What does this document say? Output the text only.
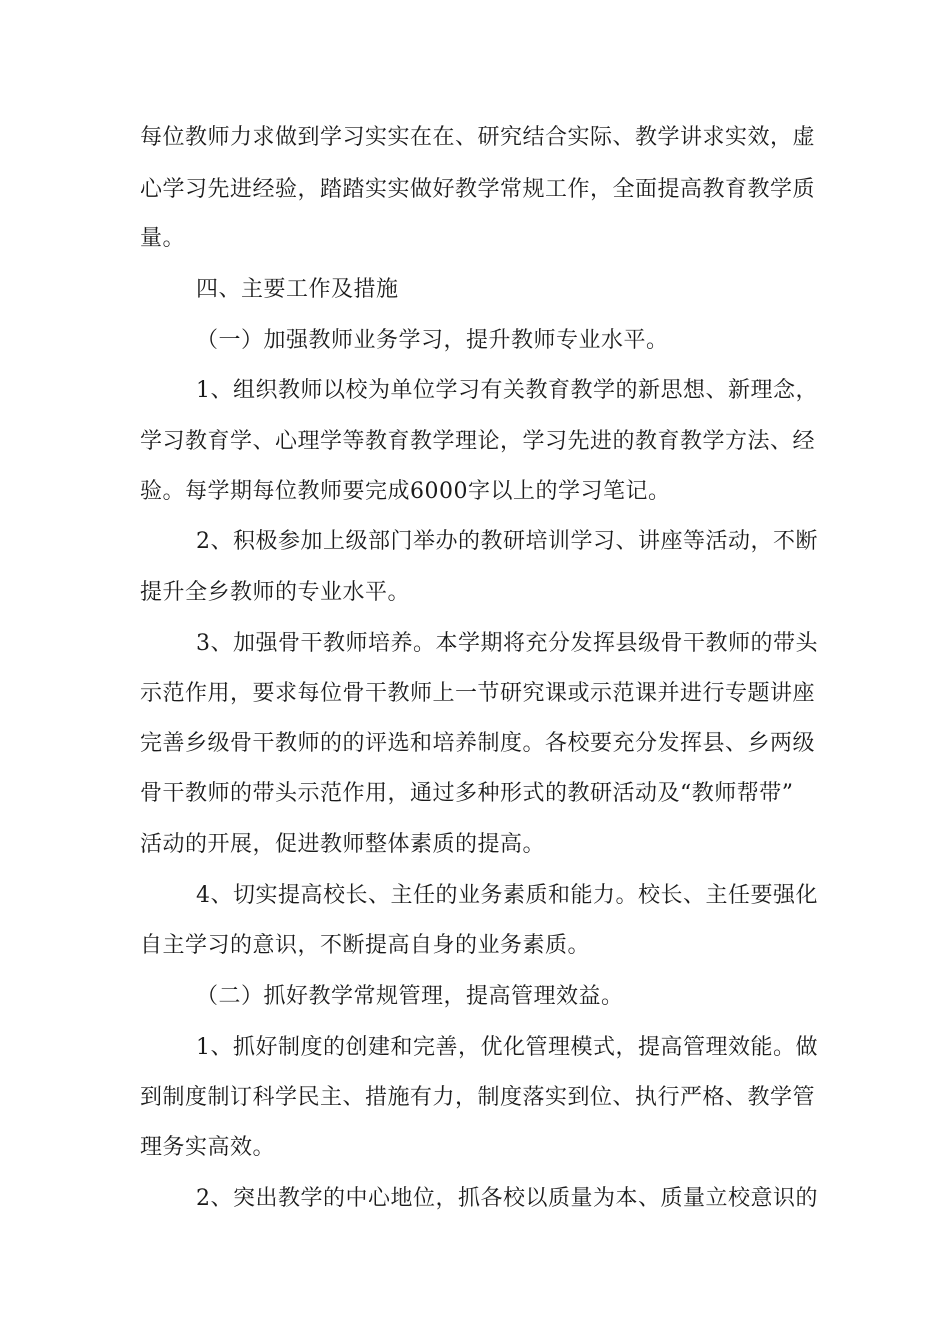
每位教师力求做到学习实实在在、研究结合实际、教学讲求实效，虚
心学习先进经验，踏踏实实做好教学常规工作，全面提高教育教学质
量。
四、主要工作及措施
（一）加强教师业务学习，提升教师专业水平。
1、组织教师以校为单位学习有关教育教学的新思想、新理念，
学习教育学、心理学等教育教学理论，学习先进的教育教学方法、经
验。每学期每位教师要完成6000字以上的学习笔记。
2、积极参加上级部门举办的教研培训学习、讲座等活动，不断
提升全乡教师的专业水平。
3、加强骨干教师培养。本学期将充分发挥县级骨干教师的带头
示范作用，要求每位骨干教师上一节研究课或示范课并进行专题讲座
完善乡级骨干教师的的评选和培养制度。各校要充分发挥县、乡两级
骨干教师的带头示范作用，通过多种形式的教研活动及“教师帮带”
活动的开展，促进教师整体素质的提高。
4、切实提高校长、主任的业务素质和能力。校长、主任要强化
自主学习的意识，不断提高自身的业务素质。
（二）抓好教学常规管理，提高管理效益。
1、抓好制度的创建和完善，优化管理模式，提高管理效能。做
到制度制订科学民主、措施有力，制度落实到位、执行严格、教学管
理务实高效。
2、突出教学的中心地位，抓各校以质量为本、质量立校意识的
